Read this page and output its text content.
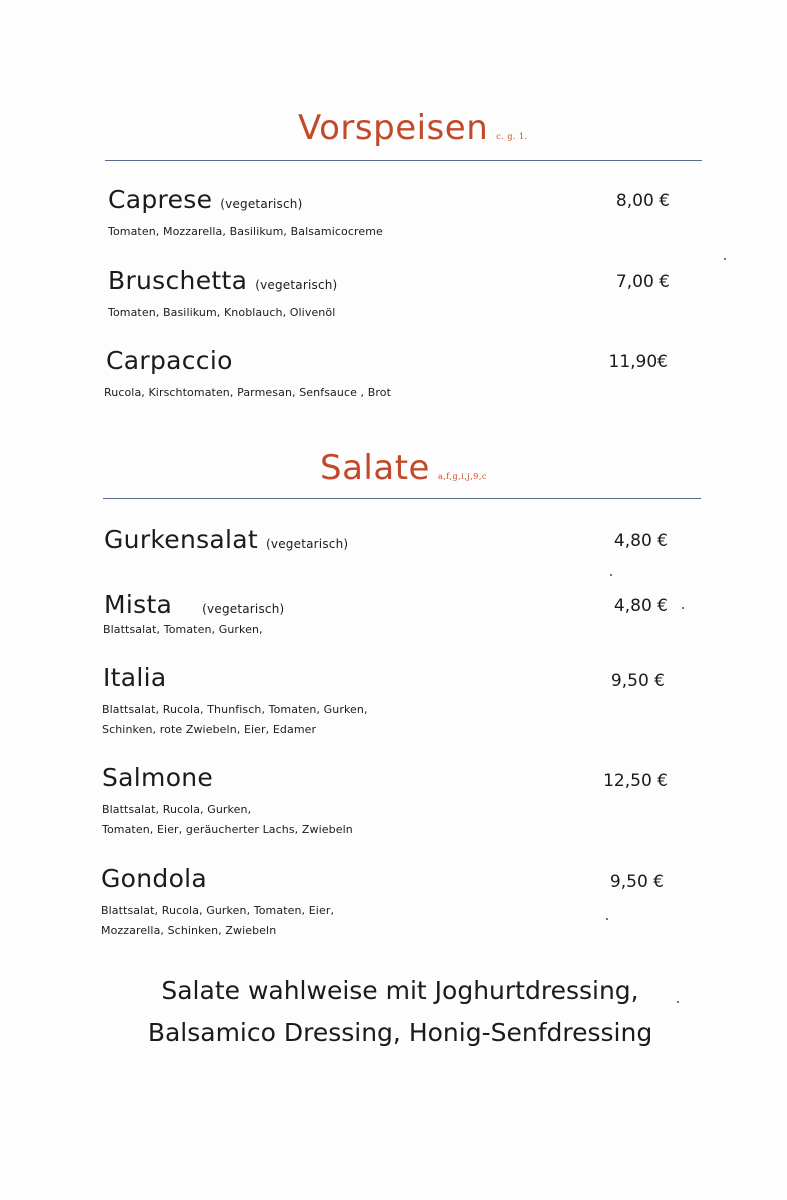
Vorspeisen c. g. 1.
Caprese (vegetarisch)	8,00 €
Tomaten, Mozzarella, Basilikum, Balsamicocreme
Bruschetta (vegetarisch)	7,00 €
Tomaten, Basilikum, Knoblauch, Olivenöl
Carpaccio	11,90€
Rucola, Kirschtomaten, Parmesan, Senfsauce , Brot
Salate a,f,g,i,j,9,c
Gurkensalat (vegetarisch)	4,80 €
Mista	(vegetarisch)	4,80 €
Blattsalat, Tomaten, Gurken,
Italia	9,50 €
Blattsalat, Rucola, Thunfisch, Tomaten, Gurken,
Schinken, rote Zwiebeln, Eier, Edamer
Salmone	12,50 €
Blattsalat, Rucola, Gurken,
Tomaten, Eier, geräucherter Lachs, Zwiebeln
Gondola	9,50 €
Blattsalat, Rucola, Gurken, Tomaten, Eier,
Mozzarella, Schinken, Zwiebeln
Salate wahlweise mit Joghurtdressing,
Balsamico Dressing, Honig-Senfdressing
